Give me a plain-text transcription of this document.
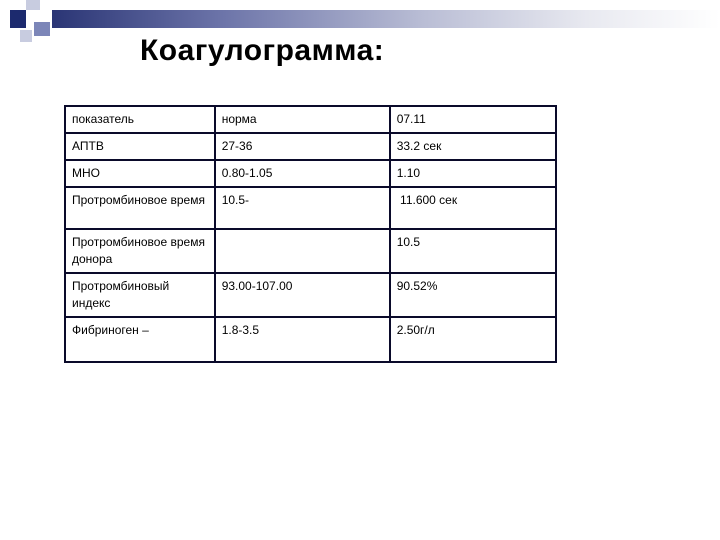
Коагулограмма:
показатель	норма	07.11
АПТВ	27-36	33.2 сек
МНО	0.80-1.05	1.10
Протромбиновое время	10.5-	11.600 сек
Протромбиновое время донора		10.5
Протромбиновый индекс	93.00-107.00	90.52%
Фибриноген –	1.8-3.5	2.50г/л
